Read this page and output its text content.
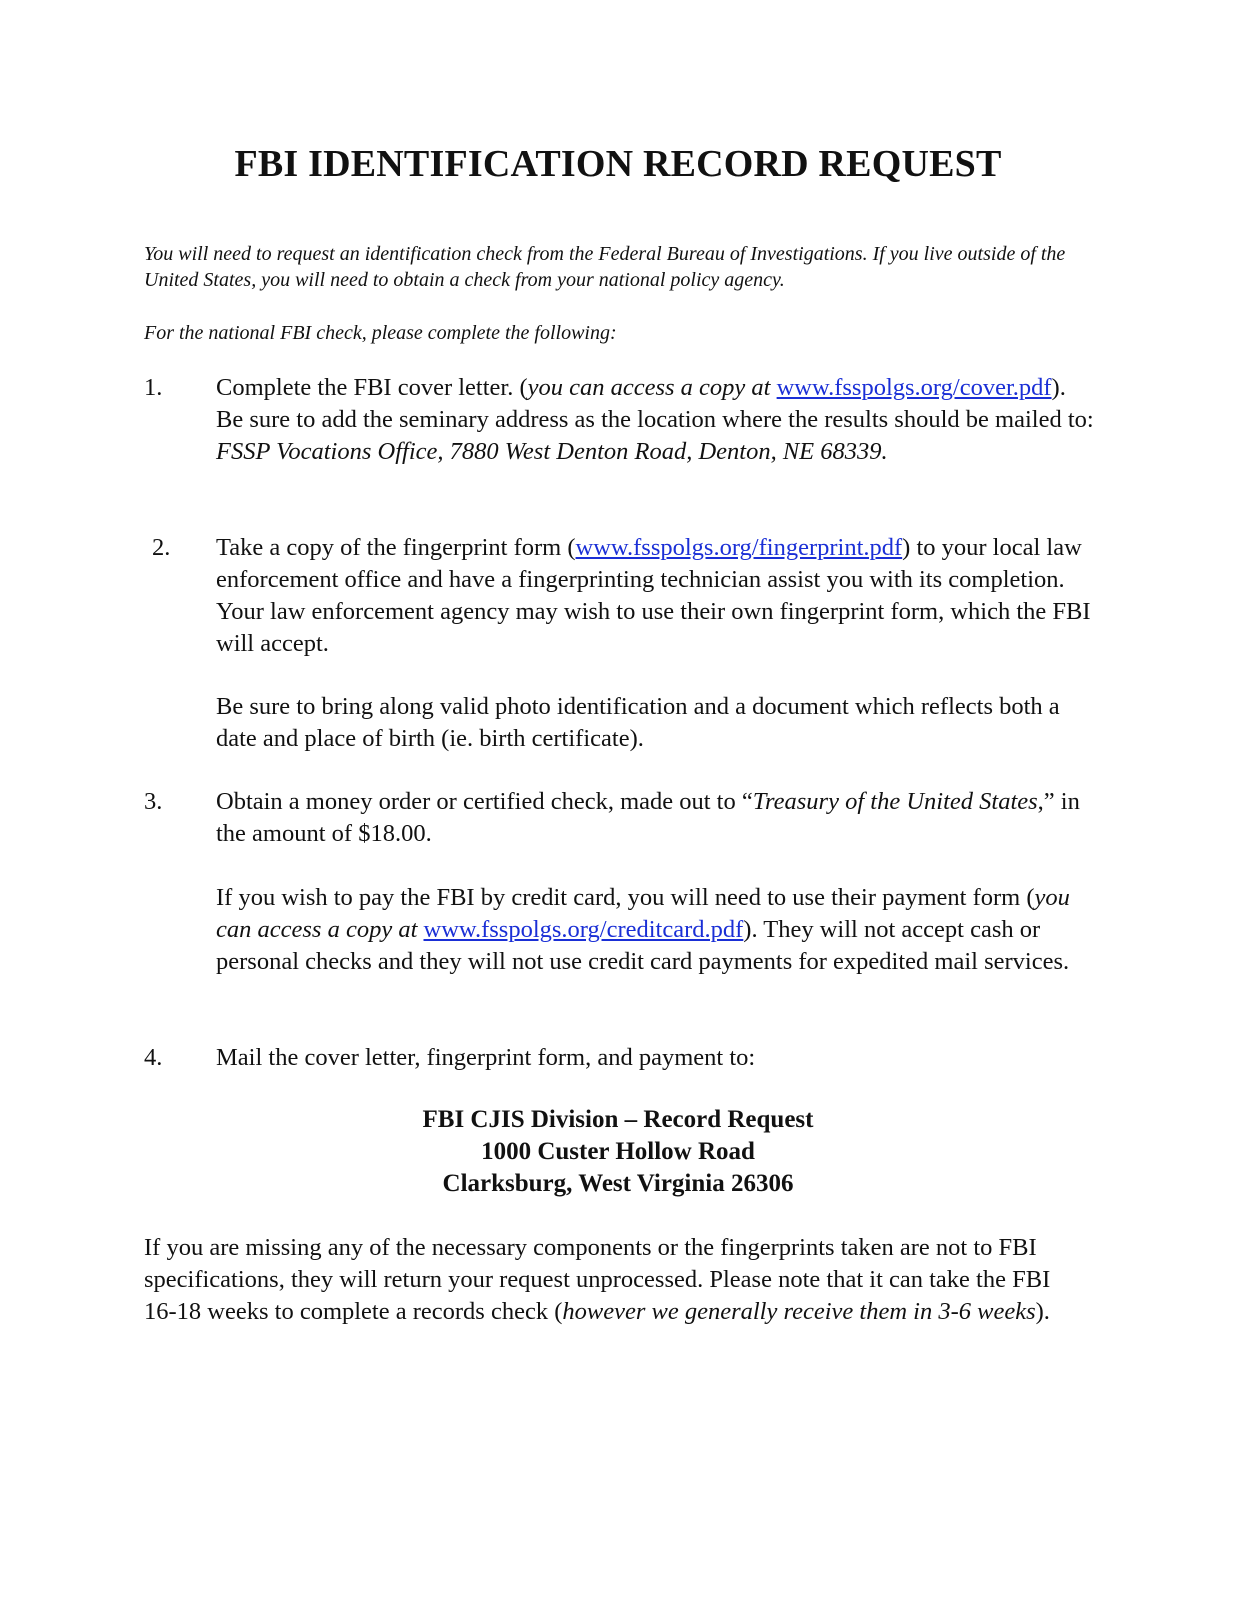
FBI IDENTIFICATION RECORD REQUEST

You will need to request an identification check from the Federal Bureau of Investigations. If you live outside of the United States, you will need to obtain a check from your national policy agency.

For the national FBI check, please complete the following:

1. Complete the FBI cover letter. (you can access a copy at www.fsspolgs.org/cover.pdf). Be sure to add the seminary address as the location where the results should be mailed to: FSSP Vocations Office, 7880 West Denton Road, Denton, NE 68339.

2. Take a copy of the fingerprint form (www.fsspolgs.org/fingerprint.pdf) to your local law enforcement office and have a fingerprinting technician assist you with its completion. Your law enforcement agency may wish to use their own fingerprint form, which the FBI will accept.

Be sure to bring along valid photo identification and a document which reflects both a date and place of birth (ie. birth certificate).

3. Obtain a money order or certified check, made out to “Treasury of the United States,” in the amount of $18.00.

If you wish to pay the FBI by credit card, you will need to use their payment form (you can access a copy at www.fsspolgs.org/creditcard.pdf). They will not accept cash or personal checks and they will not use credit card payments for expedited mail services.

4. Mail the cover letter, fingerprint form, and payment to:

FBI CJIS Division – Record Request
1000 Custer Hollow Road
Clarksburg, West Virginia 26306

If you are missing any of the necessary components or the fingerprints taken are not to FBI specifications, they will return your request unprocessed. Please note that it can take the FBI 16-18 weeks to complete a records check (however we generally receive them in 3-6 weeks).
